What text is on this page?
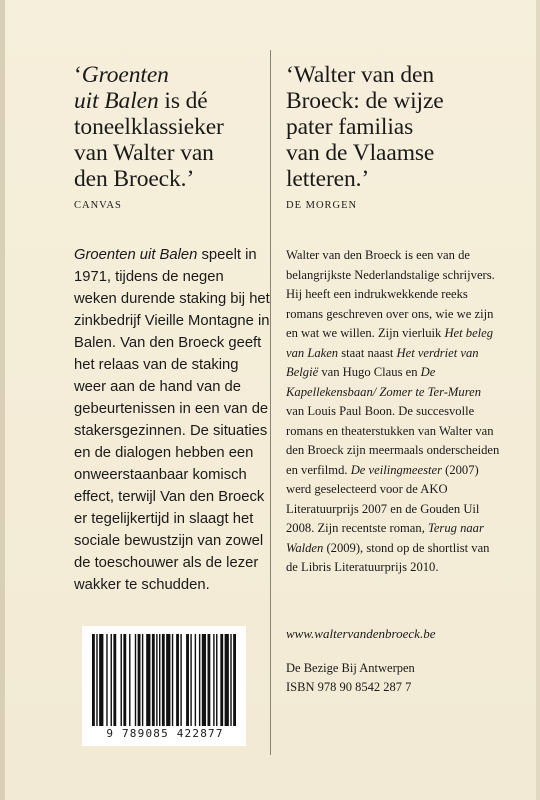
‘Groenten
uit Balen is dé
toneelklassieker
van Walter van
den Broeck.’

CANVAS

Groenten uit Balen speelt in 1971, tijdens de negen weken durende staking bij het zinkbedrijf Vieille Montagne in Balen. Van den Broeck geeft het relaas van de staking weer aan de hand van de gebeurtenissen in een van de stakersgezinnen. De situaties en de dialogen hebben een onweerstaanbaar komisch effect, terwijl Van den Broeck er tegelijkertijd in slaagt het sociale bewustzijn van zowel de toeschouwer als de lezer wakker te schudden.

‘Walter van den
Broeck: de wijze
pater familias
van de Vlaamse
letteren.’

DE MORGEN

Walter van den Broeck is een van de belangrijkste Nederlandstalige schrijvers. Hij heeft een indrukwekkende reeks romans geschreven over ons, wie we zijn en wat we willen. Zijn vierluik Het beleg van Laken staat naast Het verdriet van België van Hugo Claus en De Kapellekensbaan/ Zomer te Ter-Muren van Louis Paul Boon. De succesvolle romans en theaterstukken van Walter van den Broeck zijn meermaals onderscheiden en verfilmd. De veilingmeester (2007) werd geselecteerd voor de AKO Literatuurprijs 2007 en de Gouden Uil 2008. Zijn recentste roman, Terug naar Walden (2009), stond op de shortlist van de Libris Literatuurprijs 2010.

www.waltervandenbroeck.be
De Bezige Bij Antwerpen
ISBN 978 90 8542 287 7
9 789085 422877
